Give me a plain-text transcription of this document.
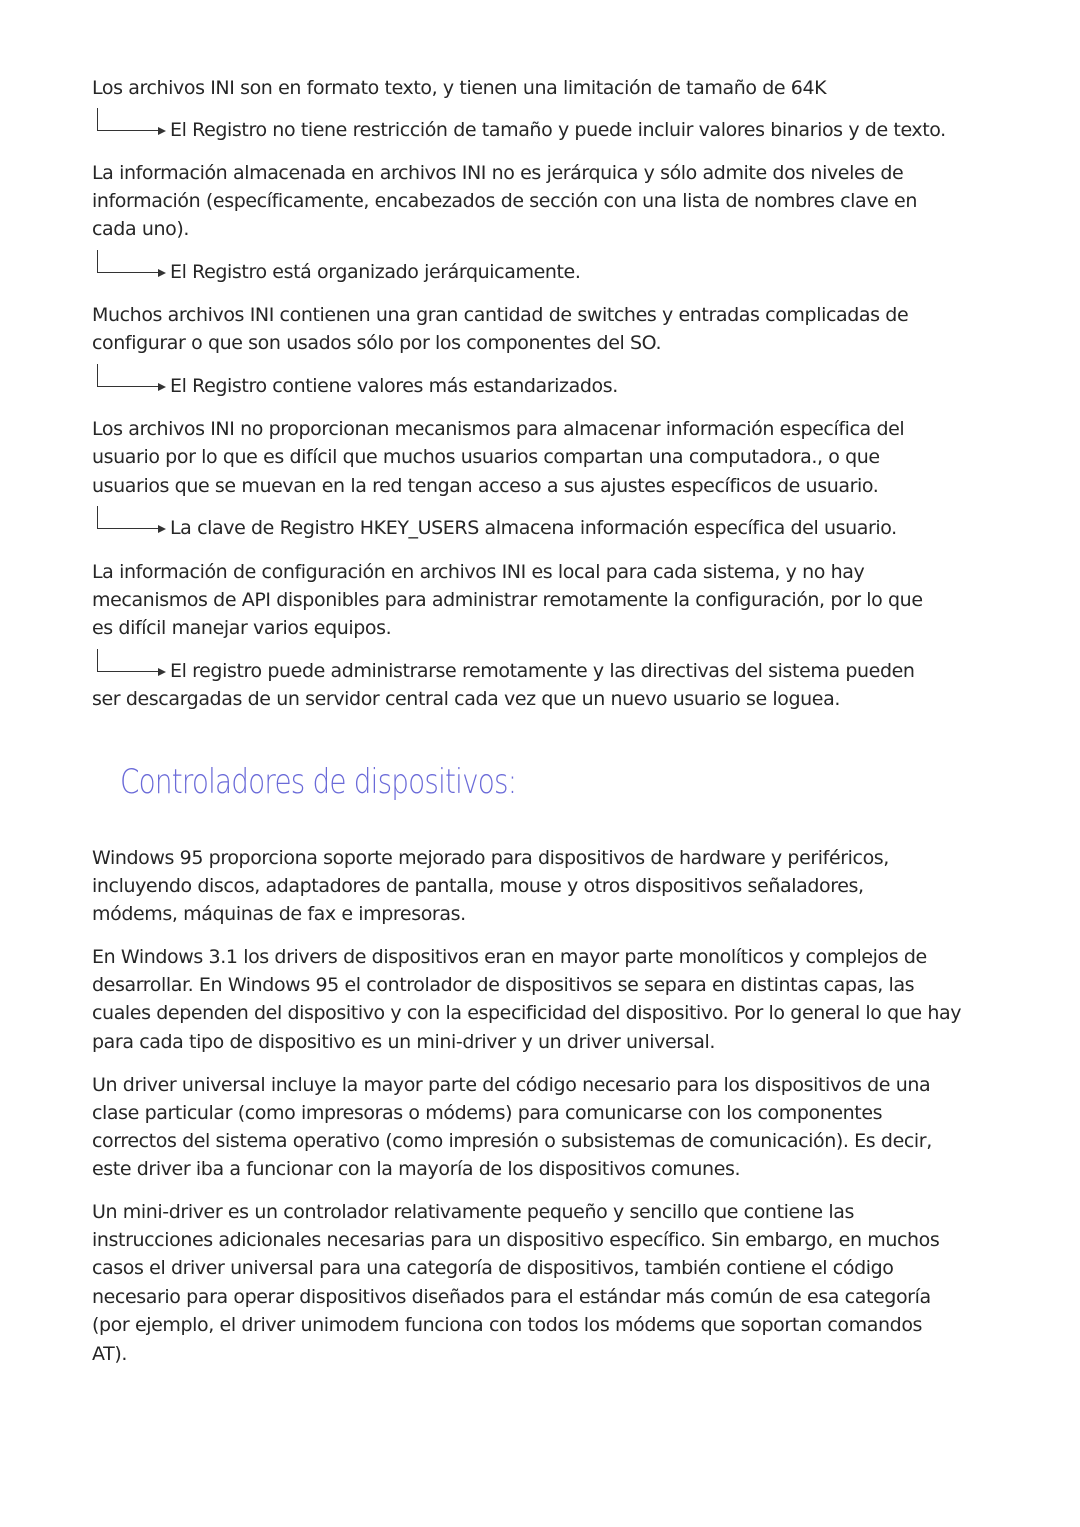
Controladores de dispositivos:
Los archivos INI son en formato texto, y tienen una limitación de tamaño de 64K
El Registro no tiene restricción de tamaño y puede incluir valores binarios y de texto.
La información almacenada en archivos INI no es jerárquica y sólo admite dos niveles de
información (específicamente, encabezados de sección con una lista de nombres clave en
cada uno).
El Registro está organizado jerárquicamente.
Muchos archivos INI contienen una gran cantidad de switches y entradas complicadas de
configurar o que son usados sólo por los componentes del SO.
El Registro contiene valores más estandarizados.
Los archivos INI no proporcionan mecanismos para almacenar información específica del
usuario por lo que es difícil que muchos usuarios compartan una computadora., o que
usuarios que se muevan en la red tengan acceso a sus ajustes específicos de usuario.
La clave de Registro HKEY_USERS almacena información específica del usuario.
La información de configuración en archivos INI es local para cada sistema, y no hay
mecanismos de API disponibles para administrar remotamente la configuración, por lo que
es difícil manejar varios equipos.
El registro puede administrarse remotamente y las directivas del sistema pueden
ser descargadas de un servidor central cada vez que un nuevo usuario se loguea.
Windows 95 proporciona soporte mejorado para dispositivos de hardware y periféricos,
incluyendo discos, adaptadores de pantalla, mouse y otros dispositivos señaladores,
módems, máquinas de fax e impresoras.
En Windows 3.1 los drivers de dispositivos eran en mayor parte monolíticos y complejos de
desarrollar. En Windows 95 el controlador de dispositivos se separa en distintas capas, las
cuales dependen del dispositivo y con la especificidad del dispositivo. Por lo general lo que hay
para cada tipo de dispositivo es un mini-driver y un driver universal.
Un driver universal incluye la mayor parte del código necesario para los dispositivos de una
clase particular (como impresoras o módems) para comunicarse con los componentes
correctos del sistema operativo (como impresión o subsistemas de comunicación). Es decir,
este driver iba a funcionar con la mayoría de los dispositivos comunes.
Un mini-driver es un controlador relativamente pequeño y sencillo que contiene las
instrucciones adicionales necesarias para un dispositivo específico. Sin embargo, en muchos
casos el driver universal para una categoría de dispositivos, también contiene el código
necesario para operar dispositivos diseñados para el estándar más común de esa categoría
(por ejemplo, el driver unimodem funciona con todos los módems que soportan comandos
AT).
